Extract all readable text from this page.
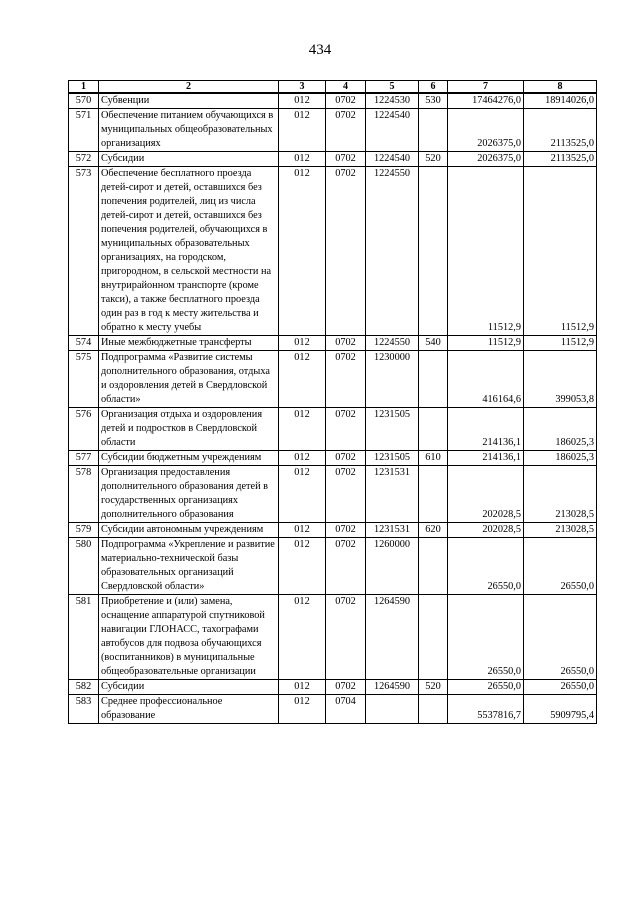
434
1	2	3	4	5	6	7	8
570	Субвенции	012	0702	1224530	530	17464276,0	18914026,0
571	Обеспечение питанием обучающихся в муниципальных общеобразовательных организациях	012	0702	1224540		2026375,0	2113525,0
572	Субсидии	012	0702	1224540	520	2026375,0	2113525,0
573	Обеспечение бесплатного проезда детей-сирот и детей, оставшихся без попечения родителей, лиц из числа детей-сирот и детей, оставшихся без попечения родителей, обучающихся в муниципальных образовательных организациях, на городском, пригородном, в сельской местности на внутрирайонном транспорте (кроме такси), а также бесплатного проезда один раз в год к месту жительства и обратно к месту учебы	012	0702	1224550		11512,9	11512,9
574	Иные межбюджетные трансферты	012	0702	1224550	540	11512,9	11512,9
575	Подпрограмма «Развитие системы дополнительного образования, отдыха и оздоровления детей в Свердловской области»	012	0702	1230000		416164,6	399053,8
576	Организация отдыха и оздоровления детей и подростков в Свердловской области	012	0702	1231505		214136,1	186025,3
577	Субсидии бюджетным учреждениям	012	0702	1231505	610	214136,1	186025,3
578	Организация предоставления дополнительного образования детей в государственных организациях дополнительного образования	012	0702	1231531		202028,5	213028,5
579	Субсидии автономным учреждениям	012	0702	1231531	620	202028,5	213028,5
580	Подпрограмма «Укрепление и развитие материально-технической базы образовательных организаций Свердловской области»	012	0702	1260000		26550,0	26550,0
581	Приобретение и (или) замена, оснащение аппаратурой спутниковой навигации ГЛОНАСС, тахографами автобусов для подвоза обучающихся (воспитанников) в муниципальные общеобразовательные организации	012	0702	1264590		26550,0	26550,0
582	Субсидии	012	0702	1264590	520	26550,0	26550,0
583	Среднее профессиональное образование	012	0704			5537816,7	5909795,4
